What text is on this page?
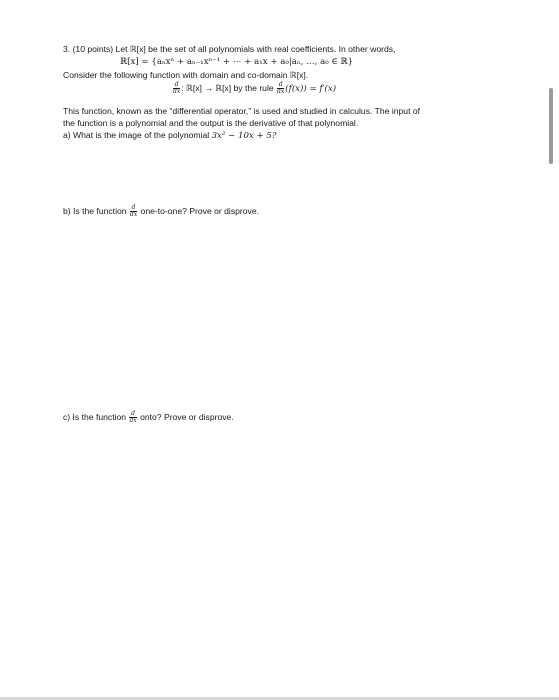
3. (10 points) Let ℝ[x] be the set of all polynomials with real coefficients. In other words,
ℝ[x] = {aₙxⁿ + aₙ₋₁xⁿ⁻¹ + ⋯ + a₁x + a₀|aₙ, …, a₀ ∈ ℝ}
Consider the following function with domain and co-domain ℝ[x].
$\frac{d}{dx}$ : ℝ[x] → ℝ[x] by the rule $\frac{d}{dx} (f(x)) = f'(x)$
This function, known as the “differential operator,” is used and studied in calculus. The input of
the function is a polynomial and the output is the derivative of that polynomial.
a) What is the image of the polynomial 3x² − 10x + 5?
b) Is the function $\frac{d}{dx} one-to-one$? Prove or disprove.
c) Is the function $\frac{d}{dx}$ onto? Prove or disprove.
